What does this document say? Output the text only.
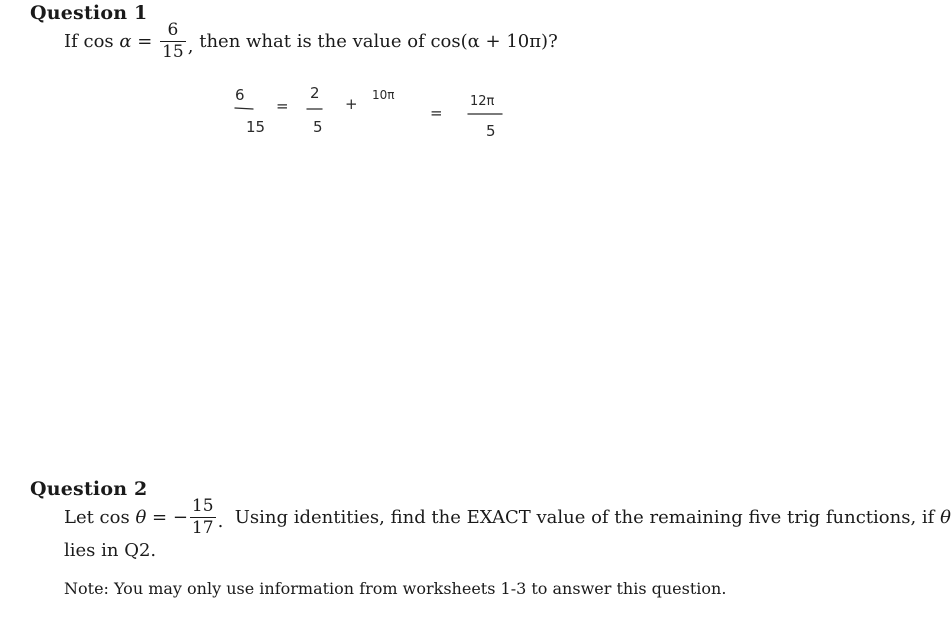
Question 1
If cos
α
=
$\frac{6}{15}$ ,
then what is the value of cos(α + 10π)?
6
15
=
2
5
+ 10π
=
12π
5
Question 2
Let cos
θ
= − $\frac{15}{17}$ .
Using identities, find the EXACT value of the remaining five trig functions, if
θ
lies in Q2.
Note: You may only use information from worksheets 1-3 to answer this question.
